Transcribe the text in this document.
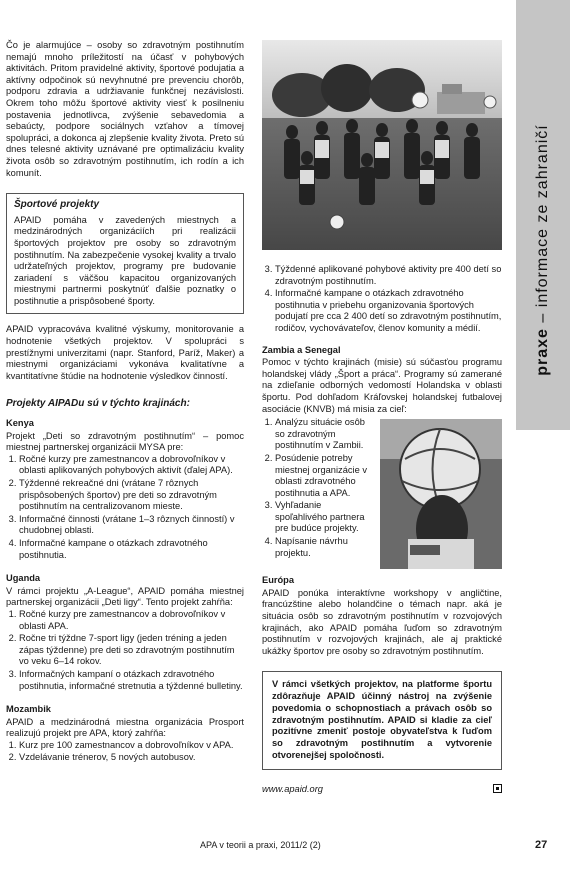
praxe – informace ze zahraničí

Čo je alarmujúce – osoby so zdravotným postihnutím nemajú mnoho príležitostí na účasť v pohybových aktivitách. Pritom pravidelné aktivity, športové podujatia a aktívny odpočinok sú nevyhnutné pre prevenciu chorôb, podporu zdravia a udržiavanie funkčnej nezávislosti. Okrem toho môžu športové aktivity viesť k posilneniu postavenia jednotlivca, zvýšenie sebavedomia a sebaúcty, podpore sociálnych vzťahov a tímovej spolupráci, a dokonca aj zlepšenie kvality života. Preto sú dnes telesné aktivity uznávané pre optimalizáciu kvality života osôb so zdravotným postihnutím, ich rodín a ich komunít.

Športové projekty

APAID pomáha v zavedených miestnych a medzinárodných organizáciích pri realizácii športových projektov pre osoby so zdravotným postihnutím. Na zabezpečenie vysokej kvality a trvalo udržateľných projektov, programy pre budovanie zariadení s väčšou kapacitou organizovaných miestnymi partnermi poskytnúť ďalšie poznatky o postihnutie a prispôsobené športy.

APAID vypracováva kvalitné výskumy, monitorovanie a hodnotenie všetkých projektov. V spolupráci s prestížnymi univerzitami (napr. Stanford, Paríž, Maker) a miestnymi organizáciami vykonáva kvalitatívne a kvantitatívne štúdie na hodnotenie výsledkov činností.

Projekty AIPADu sú v týchto krajinách:
Kenya

Projekt „Deti so zdravotným postihnutím“ – pomoc miestnej partnerskej organizácii MYSA pre:

1. Ročné kurzy pre zamestnancov a dobrovoľníkov v oblasti aplikovaných pohybových aktivít (ďalej APA).
2. Týždenné rekreačné dni (vrátane 7 rôznych prispôsobených športov) pre deti so zdravotným postihnutím na centralizovanom mieste.
3. Informačné činnosti (vrátane 1–3 rôznych činností) v chudobnej oblasti.
4. Informačné kampane o otázkach zdravotného postihnutia.
Uganda

V rámci projektu „A-League“, APAID pomáha miestnej partnerskej organizácii „Deti ligy“. Tento projekt zahŕňa:

1. Ročné kurzy pre zamestnancov a dobrovoľníkov v oblasti APA.
2. Ročne tri týždne 7-sport ligy (jeden tréning a jeden zápas týždenne) pre deti so zdravotným postihnutím vo veku 6–14 rokov.
3. Informačných kampaní o otázkach zdravotného postihnutia, informačné stretnutia a týždenné bulletiny.
Mozambik

APAID a medzinárodná miestna organizácia Prosport realizujú projekt pre APA, ktorý zahŕňa:

1. Kurz pre 100 zamestnancov a dobrovoľníkov v APA.
2. Vzdelávanie trénerov, 5 nových autobusov.
3. Týždenné aplikované pohybové aktivity pre 400 detí so zdravotným postihnutím.
4. Informačné kampane o otázkach zdravotného postihnutia v priebehu organizovania športových podujatí pre cca 2 400 detí so zdravotným postihnutím, rodičov, vychovávateľov, členov komunity a médií.
Zambia a Senegal

Pomoc v týchto krajinách (misie) sú súčasťou programu holandskej vlády „Šport a práca“. Programy sú zamerané na zdieľanie odborných vedomostí Holandska v oblasti športu. Pod dohľadom Kráľovskej holandskej futbalovej asociácie (KNVB) má misia za cieľ:

1. Analýzu situácie osôb so zdravotným postihnutím v Zambii.
2. Posúdenie potreby miestnej organizácie v oblasti zdravotného postihnutia a APA.
3. Vyhľadanie spoľahlivého partnera pre budúce projekty.
4. Napísanie návrhu projektu.
Európa

APAID ponúka interaktívne workshopy v angličtine, francúzštine alebo holandčine o témach napr. aká je situácia osôb so zdravotným postihnutím v rozvojových krajinách, ako APAID pomáha ľuďom so zdravotným postihnutím v rozvojových krajinách, ale aj praktické ukážky športov pre osoby so zdravotným postihnutím.

V rámci všetkých projektov, na platforme športu zdôrazňuje APAID účinný nástroj na zvýšenie povedomia o schopnostiach a právach osôb so zdravotným postihnutím. APAID si kladie za cieľ pozitívne zmeniť postoje obyvateľstva k ľuďom so zdravotným postihnutím a vytvorenie otvorenejšej spoločnosti.
www.apaid.org
APA v teorii a praxi, 2011/2 (2)	27
